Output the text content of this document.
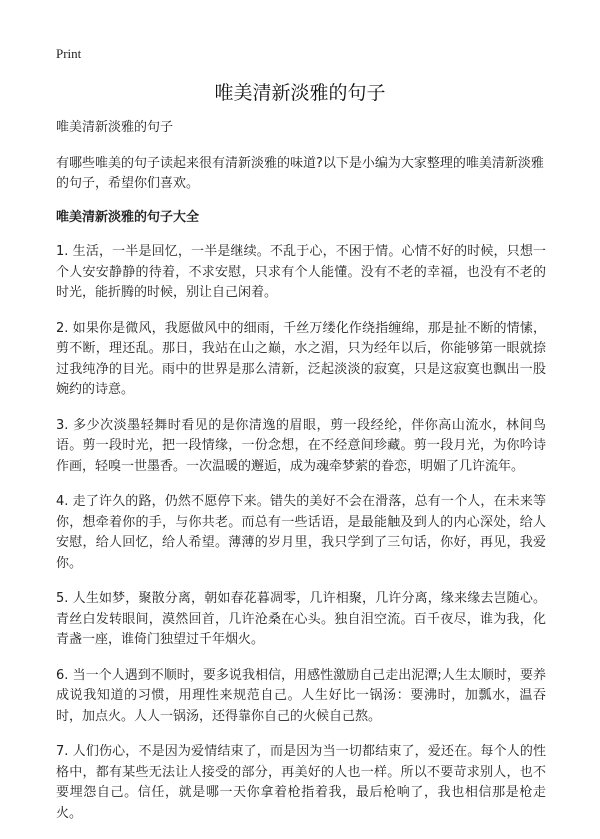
Print
唯美清新淡雅的句子

唯美清新淡雅的句子

有哪些唯美的句子读起来很有清新淡雅的味道?以下是小编为大家整理的唯美清新淡雅的句子，希望你们喜欢。

唯美清新淡雅的句子大全

1. 生活，一半是回忆，一半是继续。不乱于心，不困于情。心情不好的时候，只想一个人安安静静的待着，不求安慰，只求有个人能懂。没有不老的幸福，也没有不老的时光，能折腾的时候，别让自己闲着。

2. 如果你是微风，我愿做风中的细雨，千丝万缕化作绕指缠绵，那是扯不断的情愫，剪不断，理还乱。那日，我站在山之巅，水之湄，只为经年以后，你能够第一眼就捺过我纯净的目光。雨中的世界是那么清新，泛起淡淡的寂寞，只是这寂寞也飘出一股婉约的诗意。

3. 多少次淡墨轻舞时看见的是你清逸的眉眼，剪一段经纶，伴你高山流水，林间鸟语。剪一段时光，把一段情缘，一份念想，在不经意间珍藏。剪一段月光，为你吟诗作画，轻嗅一世墨香。一次温暖的邂逅，成为魂牵梦萦的眷恋，明媚了几许流年。

4. 走了许久的路，仍然不愿停下来。错失的美好不会在滑落，总有一个人，在未来等你，想牵着你的手，与你共老。而总有一些话语，是最能触及到人的内心深处，给人安慰，给人回忆，给人希望。薄薄的岁月里，我只学到了三句话，你好，再见，我爱你。

5. 人生如梦，聚散分离，朝如春花暮凋零，几许相聚，几许分离，缘来缘去岂随心。青丝白发转眼间，漠然回首，几许沧桑在心头。独自泪空流。百千夜尽，谁为我，化青盏一座，谁倚门独望过千年烟火。

6. 当一个人遇到不顺时，要多说我相信，用感性激励自己走出泥潭;人生太顺时，要养成说我知道的习惯，用理性来规范自己。人生好比一锅汤：要沸时，加瓢水，温吞时，加点火。人人一锅汤，还得靠你自己的火候自己熬。

7. 人们伤心，不是因为爱情结束了，而是因为当一切都结束了，爱还在。每个人的性格中，都有某些无法让人接受的部分，再美好的人也一样。所以不要苛求别人，也不要埋怨自己。信任，就是哪一天你拿着枪指着我，最后枪响了，我也相信那是枪走火。
